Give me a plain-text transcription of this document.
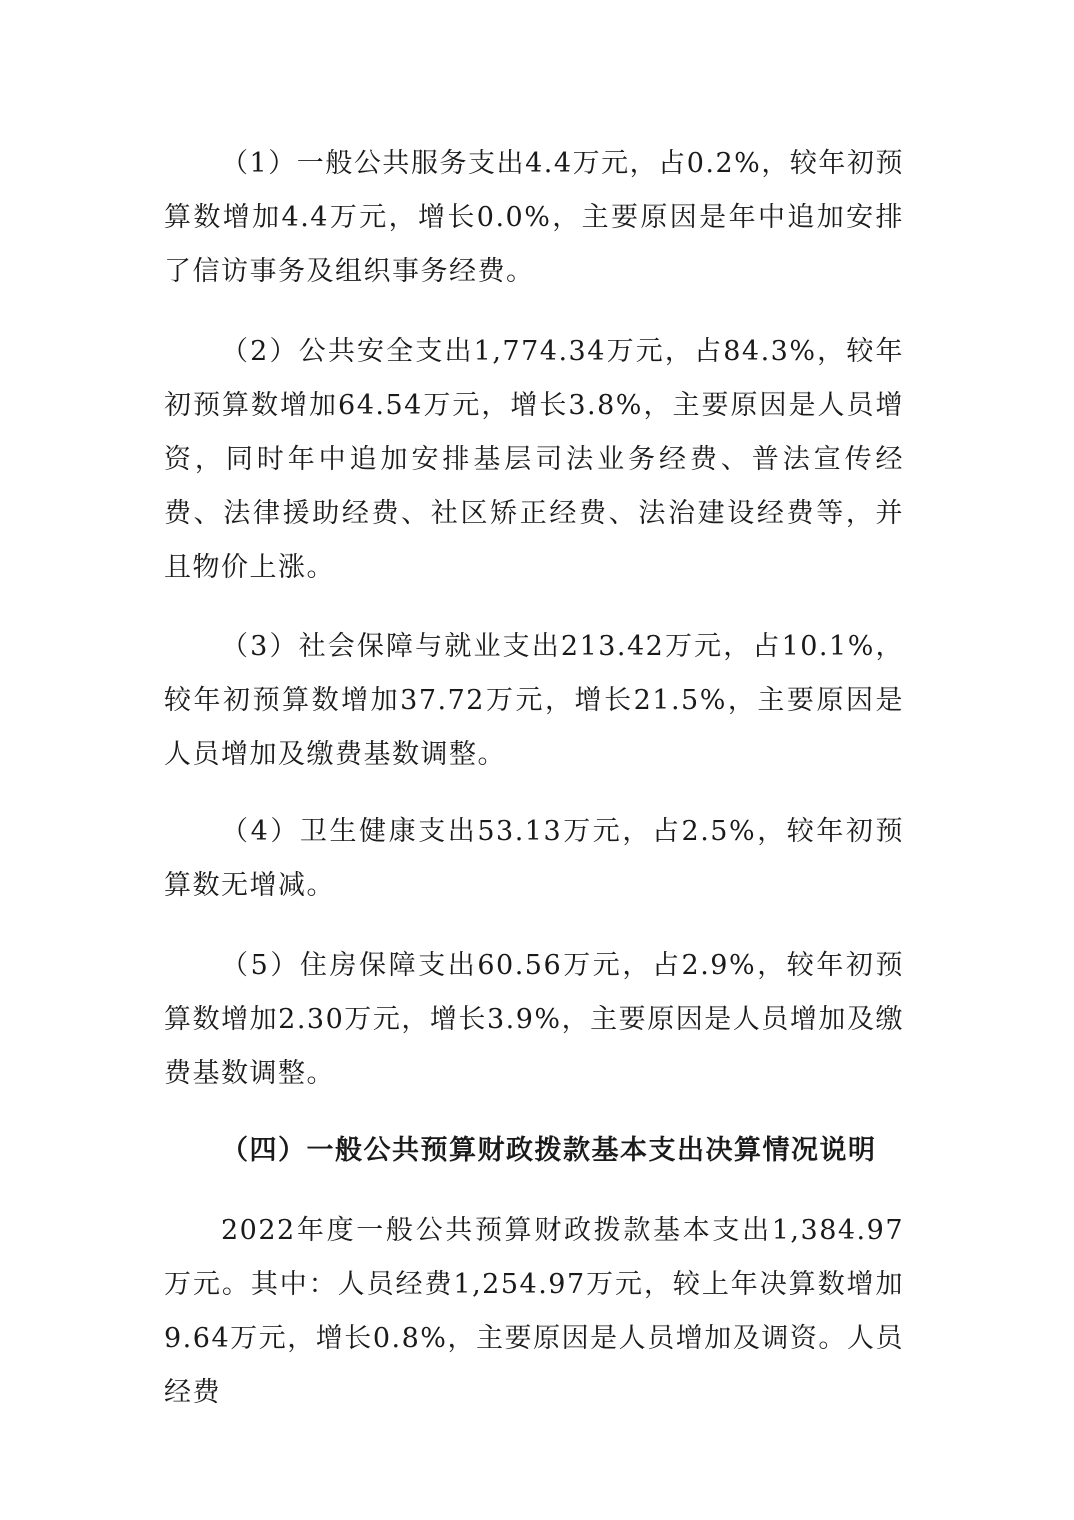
（1）一般公共服务支出4.4万元，占0.2%，较年初预算数增加4.4万元，增长0.0%，主要原因是年中追加安排了信访事务及组织事务经费。

（2）公共安全支出1,774.34万元，占84.3%，较年初预算数增加64.54万元，增长3.8%，主要原因是人员增资，同时年中追加安排基层司法业务经费、普法宣传经费、法律援助经费、社区矫正经费、法治建设经费等，并且物价上涨。

（3）社会保障与就业支出213.42万元，占10.1%，较年初预算数增加37.72万元，增长21.5%，主要原因是人员增加及缴费基数调整。

（4）卫生健康支出53.13万元，占2.5%，较年初预算数无增减。

（5）住房保障支出60.56万元，占2.9%，较年初预算数增加2.30万元，增长3.9%，主要原因是人员增加及缴费基数调整。

（四）一般公共预算财政拨款基本支出决算情况说明

2022年度一般公共预算财政拨款基本支出1,384.97万元。其中：人员经费1,254.97万元，较上年决算数增加9.64万元，增长0.8%，主要原因是人员增加及调资。人员经费
